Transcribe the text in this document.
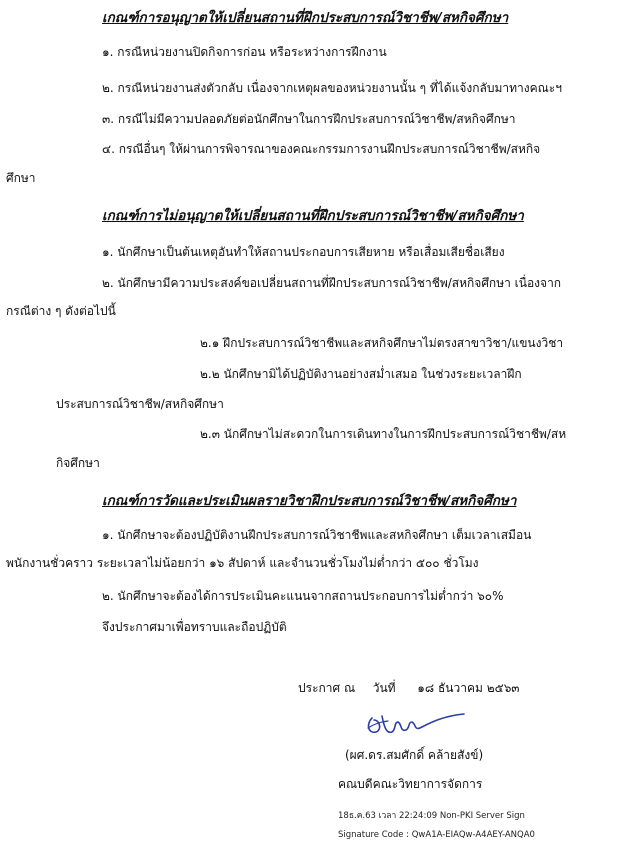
เกณฑ์การอนุญาตให้เปลี่ยนสถานที่ฝึกประสบการณ์วิชาชีพ/สหกิจศึกษา
๑. กรณีหน่วยงานปิดกิจการก่อน หรือระหว่างการฝึกงาน
๒. กรณีหน่วยงานส่งตัวกลับ เนื่องจากเหตุผลของหน่วยงานนั้น ๆ ที่ได้แจ้งกลับมาทางคณะฯ
๓. กรณีไม่มีความปลอดภัยต่อนักศึกษาในการฝึกประสบการณ์วิชาชีพ/สหกิจศึกษา
๔. กรณีอื่นๆ ให้ผ่านการพิจารณาของคณะกรรมการงานฝึกประสบการณ์วิชาชีพ/สหกิจ
ศึกษา
เกณฑ์การไม่อนุญาตให้เปลี่ยนสถานที่ฝึกประสบการณ์วิชาชีพ/สหกิจศึกษา
๑. นักศึกษาเป็นต้นเหตุอันทำให้สถานประกอบการเสียหาย หรือเสื่อมเสียชื่อเสียง
๒. นักศึกษามีความประสงค์ขอเปลี่ยนสถานที่ฝึกประสบการณ์วิชาชีพ/สหกิจศึกษา เนื่องจาก
กรณีต่าง ๆ ดังต่อไปนี้
๒.๑ ฝึกประสบการณ์วิชาชีพและสหกิจศึกษาไม่ตรงสาขาวิชา/แขนงวิชา
๒.๒ นักศึกษามิได้ปฏิบัติงานอย่างสม่ำเสมอ ในช่วงระยะเวลาฝึก
ประสบการณ์วิชาชีพ/สหกิจศึกษา
๒.๓ นักศึกษาไม่สะดวกในการเดินทางในการฝึกประสบการณ์วิชาชีพ/สห
กิจศึกษา
เกณฑ์การวัดและประเมินผลรายวิชาฝึกประสบการณ์วิชาชีพ/สหกิจศึกษา
๑. นักศึกษาจะต้องปฏิบัติงานฝึกประสบการณ์วิชาชีพและสหกิจศึกษา เต็มเวลาเสมือน
พนักงานชั่วคราว ระยะเวลาไม่น้อยกว่า ๑๖ สัปดาห์ และจำนวนชั่วโมงไม่ต่ำกว่า ๕๐๐ ชั่วโมง
๒. นักศึกษาจะต้องได้การประเมินคะแนนจากสถานประกอบการไม่ต่ำกว่า ๖๐%
จึงประกาศมาเพื่อทราบและถือปฏิบัติ
ประกาศ ณ วันที่ ๑๘ ธันวาคม ๒๕๖๓
(ผศ.ดร.สมศักดิ์ คล้ายสังข์)
คณบดีคณะวิทยาการจัดการ
18ธ.ค.63 เวลา 22:24:09 Non-PKI Server Sign
Signature Code : QwA1A-EIAQw-A4AEY-ANQA0
